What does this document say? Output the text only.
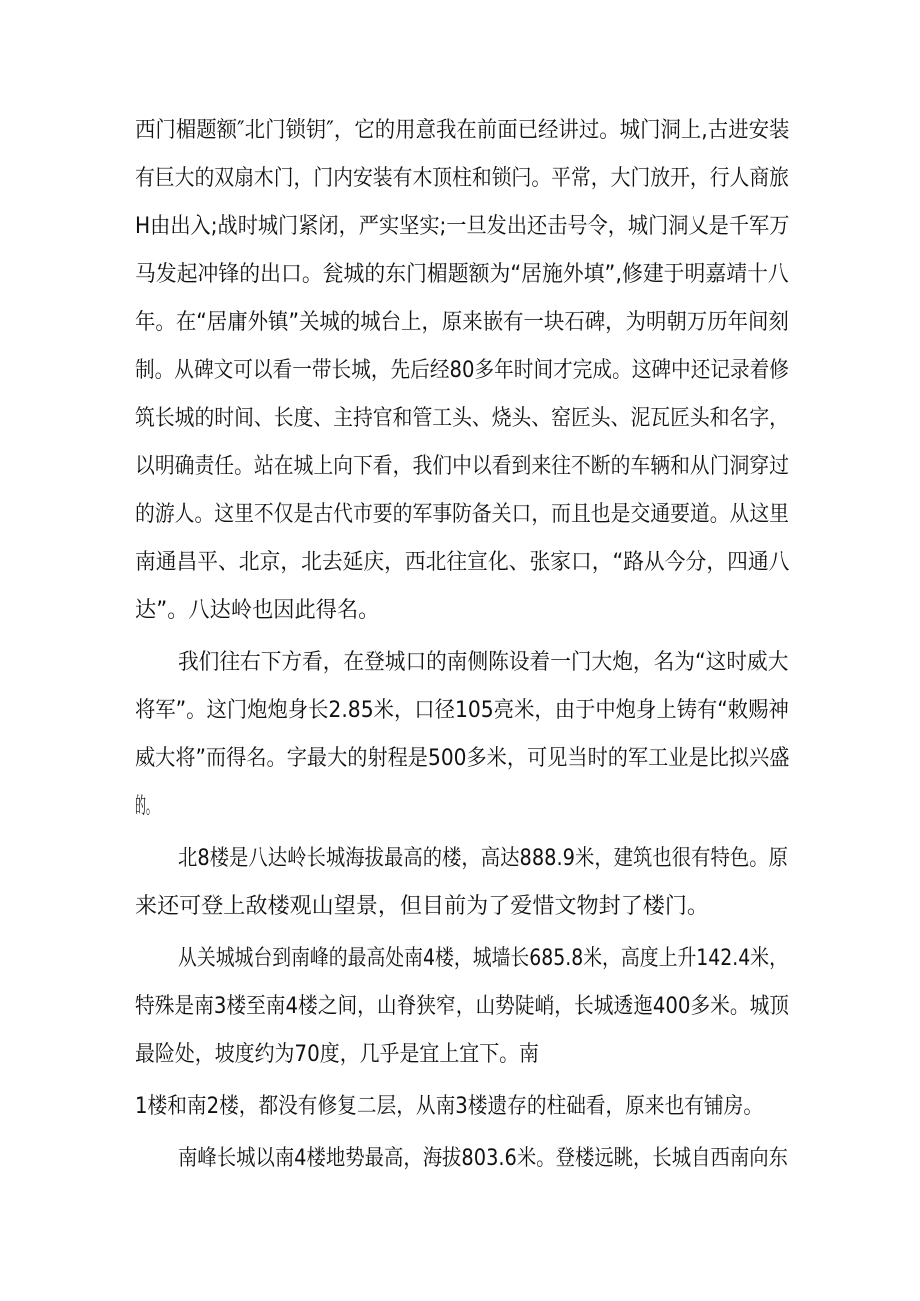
西门楣题额″北门锁钥″，它的用意我在前面已经讲过。城门洞上,古进安装
有巨大的双扇木门，门内安装有木顶柱和锁闩。平常，大门放开，行人商旅
H由出入;战时城门紧闭，严实坚实;一旦发出还击号令，城门洞乂是千军万
马发起冲锋的出口。瓮城的东门楣题额为“居施外填”,修建于明嘉靖十八
年。在“居庸外镇”关城的城台上，原来嵌有一块石碑，为明朝万历年间刻
制。从碑文可以看一带长城，先后经80多年时间才完成。这碑中还记录着修
筑长城的时间、长度、主持官和管工头、烧头、窑匠头、泥瓦匠头和名字，
以明确责任。站在城上向下看，我们中以看到来往不断的车辆和从门洞穿过
的游人。这里不仅是古代市要的军事防备关口，而且也是交通要道。从这里
南通昌平、北京，北去延庆，西北往宣化、张家口，“路从今分，四通八
达”。八达岭也因此得名。
我们往右下方看，在登城口的南侧陈设着一门大炮，名为“这时威大
将军”。这门炮炮身长2.85米，口径105亮米，由于中炮身上铸有“敕赐神
威大将”而得名。字最大的射程是500多米，可见当时的军工业是比拟兴盛
的。
北8楼是八达岭长城海拔最高的楼，高达888.9米，建筑也很有特色。原
来还可登上敌楼观山望景，但目前为了爱惜文物封了楼门。
从关城城台到南峰的最高处南4楼，城墙长685.8米，高度上升142.4米，
特殊是南3楼至南4楼之间，山脊狭窄，山势陡峭，长城透迤400多米。城顶
最险处，坡度约为70度，几乎是宜上宜下。南
1楼和南2楼，都没有修复二层，从南3楼遗存的柱础看，原来也有铺房。
南峰长城以南4楼地势最高，海拔803.6米。登楼远眺，长城自西南向东
